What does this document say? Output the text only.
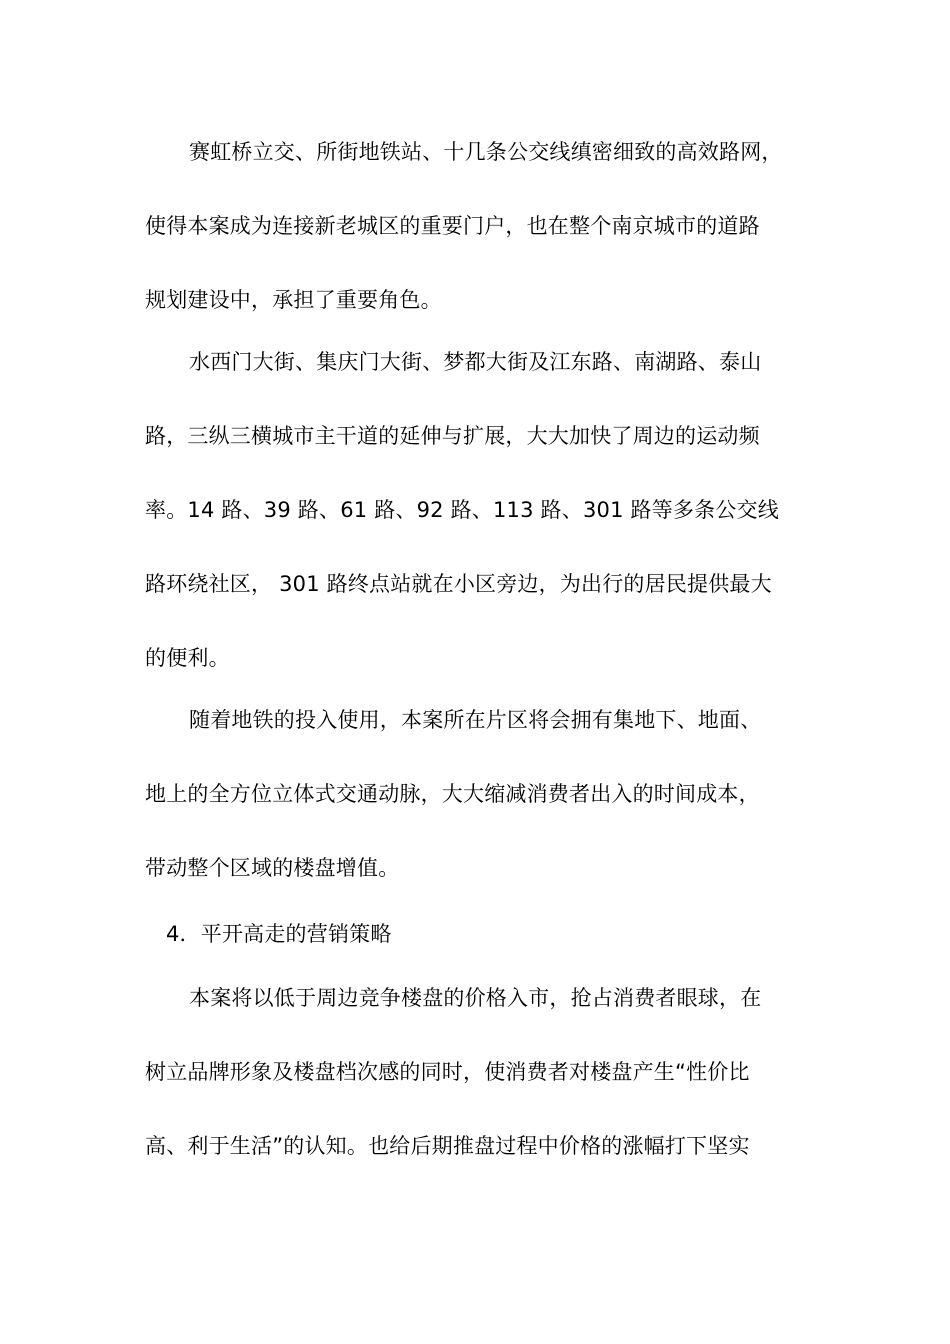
赛虹桥立交、所街地铁站、十几条公交线缜密细致的高效路网，
使得本案成为连接新老城区的重要门户，也在整个南京城市的道路
规划建设中，承担了重要角色。
水西门大街、集庆门大街、梦都大街及江东路、南湖路、泰山
路，三纵三横城市主干道的延伸与扩展，大大加快了周边的运动频
率。14 路、39 路、61 路、92 路、113 路、301 路等多条公交线
路环绕社区， 301 路终点站就在小区旁边，为出行的居民提供最大
的便利。
随着地铁的投入使用，本案所在片区将会拥有集地下、地面、
地上的全方位立体式交通动脉，大大缩减消费者出入的时间成本，
带动整个区域的楼盘增值。
4．平开高走的营销策略
本案将以低于周边竞争楼盘的价格入市，抢占消费者眼球，在
树立品牌形象及楼盘档次感的同时，使消费者对楼盘产生“性价比
高、利于生活”的认知。也给后期推盘过程中价格的涨幅打下坚实
